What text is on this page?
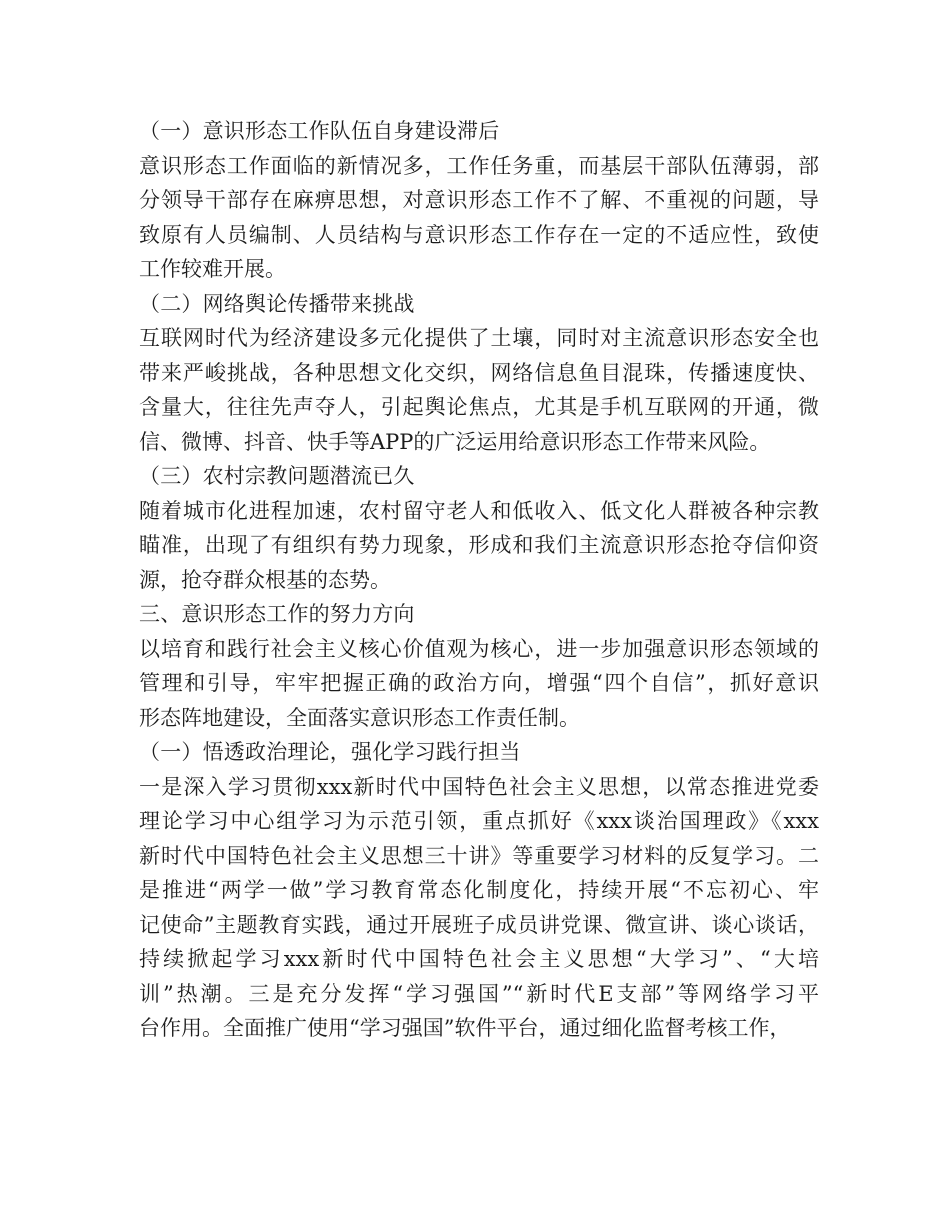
（一）意识形态工作队伍自身建设滞后
意识形态工作面临的新情况多，工作任务重，而基层干部队伍薄弱，部
分领导干部存在麻痹思想，对意识形态工作不了解、不重视的问题，导
致原有人员编制、人员结构与意识形态工作存在一定的不适应性，致使
工作较难开展。
（二）网络舆论传播带来挑战
互联网时代为经济建设多元化提供了土壤，同时对主流意识形态安全也
带来严峻挑战，各种思想文化交织，网络信息鱼目混珠，传播速度快、
含量大，往往先声夺人，引起舆论焦点，尤其是手机互联网的开通，微
信、微博、抖音、快手等APP的广泛运用给意识形态工作带来风险。
（三）农村宗教问题潜流已久
随着城市化进程加速，农村留守老人和低收入、低文化人群被各种宗教
瞄准，出现了有组织有势力现象，形成和我们主流意识形态抢夺信仰资
源，抢夺群众根基的态势。
三、意识形态工作的努力方向
以培育和践行社会主义核心价值观为核心，进一步加强意识形态领域的
管理和引导，牢牢把握正确的政治方向，增强“四个自信”，抓好意识
形态阵地建设，全面落实意识形态工作责任制。
（一）悟透政治理论，强化学习践行担当
一是深入学习贯彻xxx新时代中国特色社会主义思想，以常态推进党委
理论学习中心组学习为示范引领，重点抓好《xxx谈治国理政》《xxx
新时代中国特色社会主义思想三十讲》等重要学习材料的反复学习。二
是推进“两学一做”学习教育常态化制度化，持续开展“不忘初心、牢
记使命”主题教育实践，通过开展班子成员讲党课、微宣讲、谈心谈话，
持续掀起学习xxx新时代中国特色社会主义思想“大学习”、“大培
训”热潮。三是充分发挥“学习强国”“新时代E支部”等网络学习平
台作用。全面推广使用“学习强国”软件平台，通过细化监督考核工作，
